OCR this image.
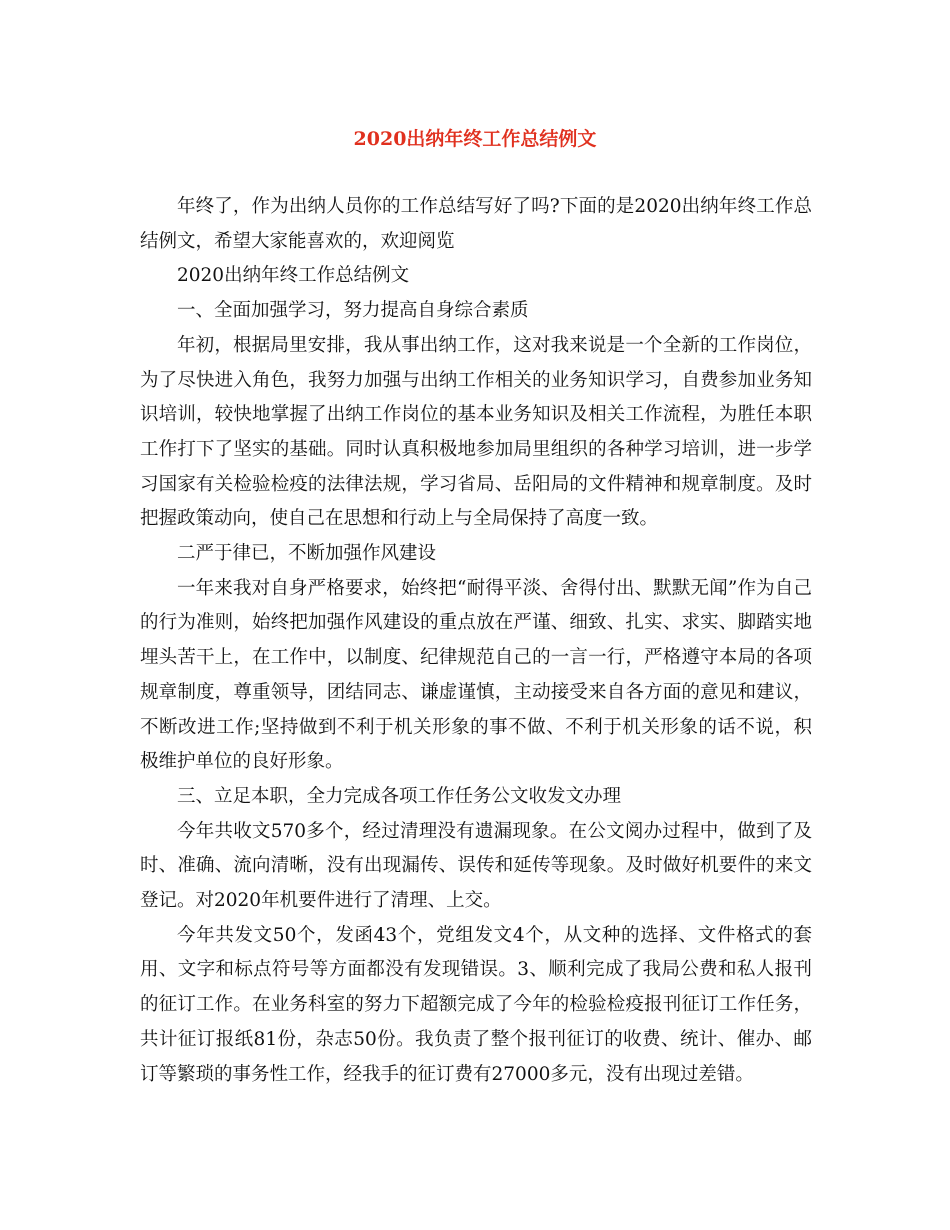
2020出纳年终工作总结例文

年终了，作为出纳人员你的工作总结写好了吗?下面的是2020出纳年终工作总结例文，希望大家能喜欢的，欢迎阅览

2020出纳年终工作总结例文

一、全面加强学习，努力提高自身综合素质

年初，根据局里安排，我从事出纳工作，这对我来说是一个全新的工作岗位，为了尽快进入角色，我努力加强与出纳工作相关的业务知识学习，自费参加业务知识培训，较快地掌握了出纳工作岗位的基本业务知识及相关工作流程，为胜任本职工作打下了坚实的基础。同时认真积极地参加局里组织的各种学习培训，进一步学习国家有关检验检疫的法律法规，学习省局、岳阳局的文件精神和规章制度。及时把握政策动向，使自己在思想和行动上与全局保持了高度一致。

二严于律已，不断加强作风建设

一年来我对自身严格要求，始终把“耐得平淡、舍得付出、默默无闻”作为自己的行为准则，始终把加强作风建设的重点放在严谨、细致、扎实、求实、脚踏实地埋头苦干上，在工作中，以制度、纪律规范自己的一言一行，严格遵守本局的各项规章制度，尊重领导，团结同志、谦虚谨慎，主动接受来自各方面的意见和建议，不断改进工作;坚持做到不利于机关形象的事不做、不利于机关形象的话不说，积极维护单位的良好形象。

三、立足本职，全力完成各项工作任务公文收发文办理

今年共收文570多个，经过清理没有遗漏现象。在公文阅办过程中，做到了及时、准确、流向清晰，没有出现漏传、误传和延传等现象。及时做好机要件的来文登记。对2020年机要件进行了清理、上交。

今年共发文50个，发函43个，党组发文4个，从文种的选择、文件格式的套用、文字和标点符号等方面都没有发现错误。3、顺利完成了我局公费和私人报刊的征订工作。在业务科室的努力下超额完成了今年的检验检疫报刊征订工作任务，共计征订报纸81份，杂志50份。我负责了整个报刊征订的收费、统计、催办、邮订等繁琐的事务性工作，经我手的征订费有27000多元，没有出现过差错。
